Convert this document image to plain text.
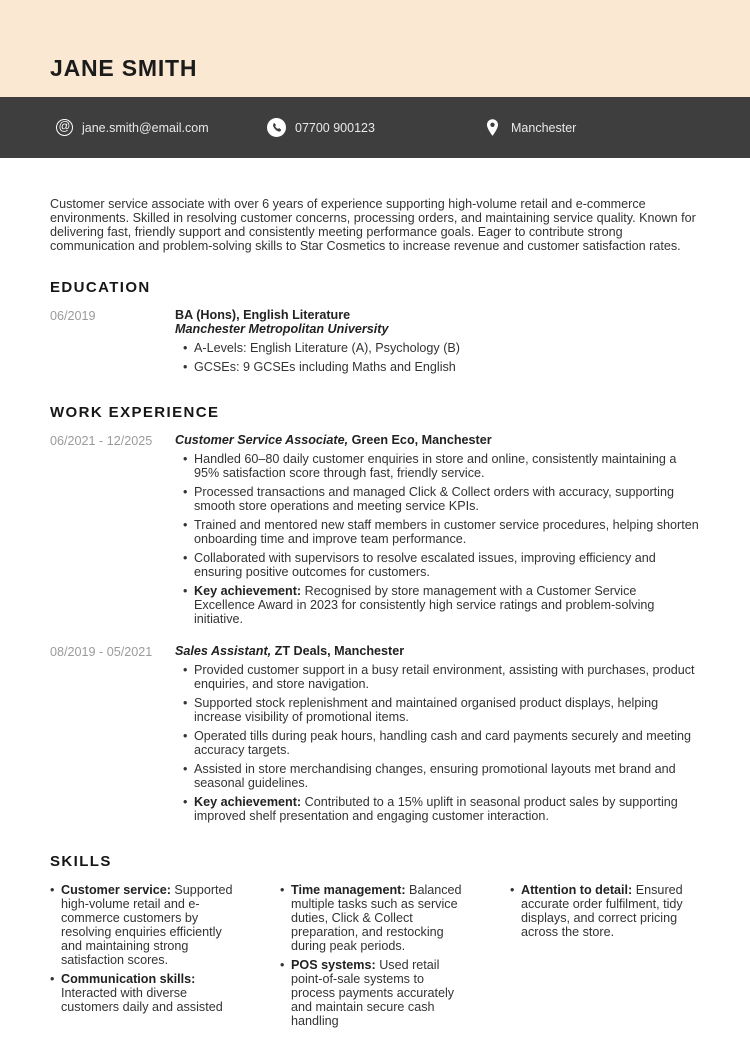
JANE SMITH
@
jane.smith@email.com	07700 900123	Manchester

Customer service associate with over 6 years of experience supporting high-volume retail and e-commerce environments. Skilled in resolving customer concerns, processing orders, and maintaining service quality. Known for delivering fast, friendly support and consistently meeting performance goals. Eager to contribute strong communication and problem-solving skills to Star Cosmetics to increase revenue and customer satisfaction rates.

EDUCATION
06/2019	BA (Hons), English Literature
Manchester Metropolitan University
• A-Levels: English Literature (A), Psychology (B)
• GCSEs: 9 GCSEs including Maths and English
WORK EXPERIENCE
06/2021 - 12/2025	Customer Service Associate, Green Eco, Manchester
• Handled 60–80 daily customer enquiries in store and online, consistently maintaining a 95% satisfaction score through fast, friendly service.
• Processed transactions and managed Click & Collect orders with accuracy, supporting smooth store operations and meeting service KPIs.
• Trained and mentored new staff members in customer service procedures, helping shorten onboarding time and improve team performance.
• Collaborated with supervisors to resolve escalated issues, improving efficiency and ensuring positive outcomes for customers.
• Key achievement: Recognised by store management with a Customer Service Excellence Award in 2023 for consistently high service ratings and problem-solving initiative.
08/2019 - 05/2021	Sales Assistant, ZT Deals, Manchester
• Provided customer support in a busy retail environment, assisting with purchases, product enquiries, and store navigation.
• Supported stock replenishment and maintained organised product displays, helping increase visibility of promotional items.
• Operated tills during peak hours, handling cash and card payments securely and meeting accuracy targets.
• Assisted in store merchandising changes, ensuring promotional layouts met brand and seasonal guidelines.
• Key achievement: Contributed to a 15% uplift in seasonal product sales by supporting improved shelf presentation and engaging customer interaction.
SKILLS
• Customer service: Supported high-volume retail and e-commerce customers by resolving enquiries efficiently and maintaining strong satisfaction scores.
• Communication skills: Interacted with diverse customers daily and assisted
• Time management: Balanced multiple tasks such as service duties, Click & Collect preparation, and restocking during peak periods.
• POS systems: Used retail point-of-sale systems to process payments accurately and maintain secure cash handling
• Attention to detail: Ensured accurate order fulfilment, tidy displays, and correct pricing across the store.
